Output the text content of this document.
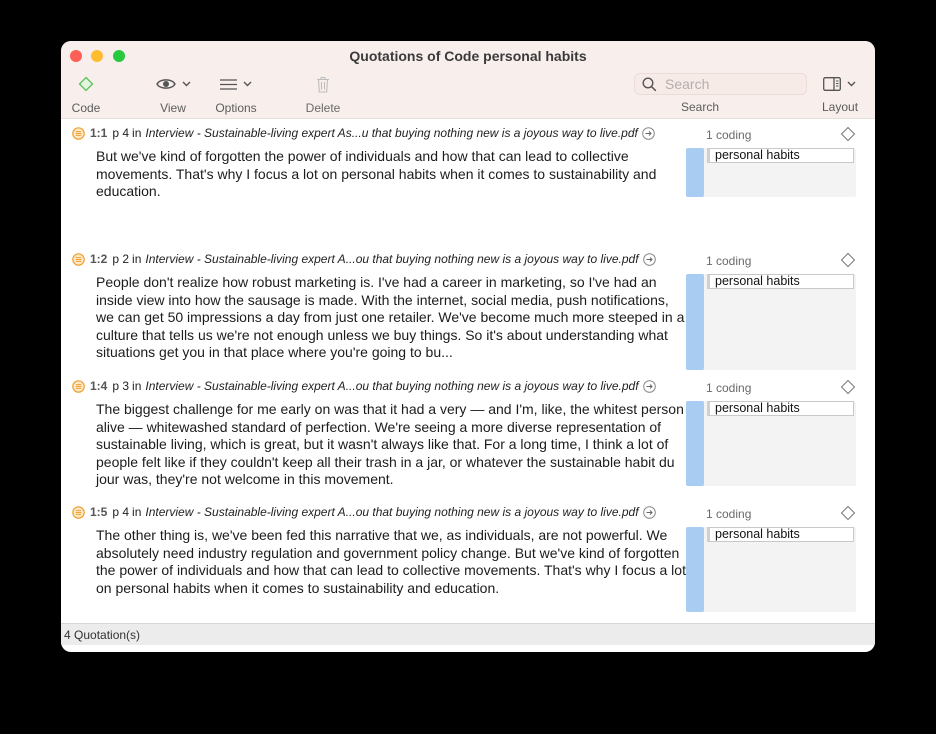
Quotations of Code personal habits
Code	View	Options	Delete
Search	Search	Layout
1:1 p 4 in Interview - Sustainable-living expert As...u that buying nothing new is a joyous way to live.pdf
But we've kind of forgotten the power of individuals and how that can lead to collective movements. That's why I focus a lot on personal habits when it comes to sustainability and education.
1 coding
personal habits
1:2 p 2 in Interview - Sustainable-living expert A...ou that buying nothing new is a joyous way to live.pdf
People don't realize how robust marketing is. I've had a career in marketing, so I've had an inside view into how the sausage is made. With the internet, social media, push notifications, we can get 50 impressions a day from just one retailer. We've become much more steeped in a culture that tells us we're not enough unless we buy things. So it's about understanding what situations get you in that place where you're going to bu...
1 coding
personal habits
1:4 p 3 in Interview - Sustainable-living expert A...ou that buying nothing new is a joyous way to live.pdf
The biggest challenge for me early on was that it had a very — and I'm, like, the whitest person alive — whitewashed standard of perfection. We're seeing a more diverse representation of sustainable living, which is great, but it wasn't always like that. For a long time, I think a lot of people felt like if they couldn't keep all their trash in a jar, or whatever the sustainable habit du jour was, they're not welcome in this movement.
1 coding
personal habits
1:5 p 4 in Interview - Sustainable-living expert A...ou that buying nothing new is a joyous way to live.pdf
The other thing is, we've been fed this narrative that we, as individuals, are not powerful. We absolutely need industry regulation and government policy change. But we've kind of forgotten the power of individuals and how that can lead to collective movements. That's why I focus a lot on personal habits when it comes to sustainability and education.
1 coding
personal habits
4 Quotation(s)
